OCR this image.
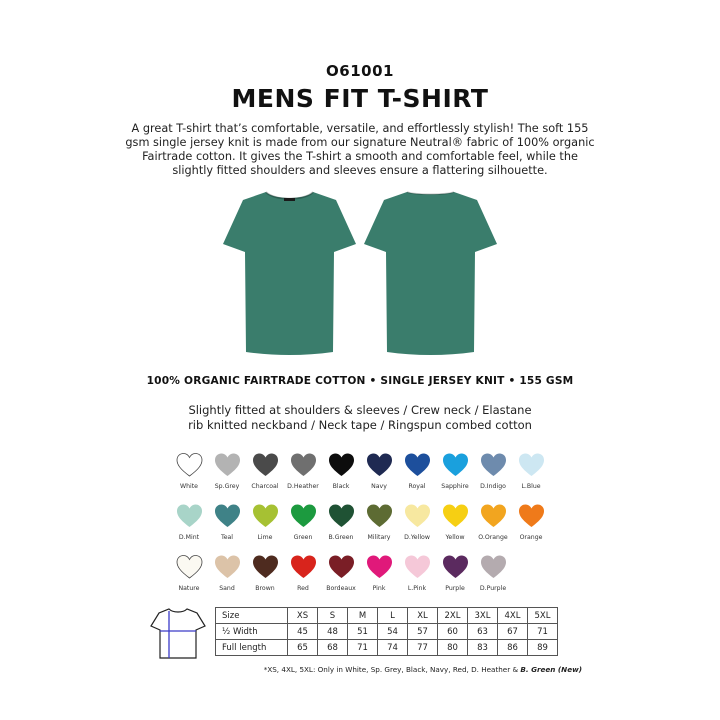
O61001
MENS FIT T-SHIRT
A great T-shirt that’s comfortable, versatile, and effortlessly stylish! The soft 155 gsm single jersey knit is made from our signature Neutral® fabric of 100% organic Fairtrade cotton. It gives the T-shirt a smooth and comfortable feel, while the slightly fitted shoulders and sleeves ensure a flattering silhouette.
100% ORGANIC FAIRTRADE COTTON • SINGLE JERSEY KNIT • 155 GSM
Slightly fitted at shoulders & sleeves / Crew neck / Elastane rib knitted neckband / Neck tape / Ringspun combed cotton
White	Sp.Grey	Charcoal	D.Heather	Black	Navy	Royal	Sapphire	D.Indigo	L.Blue
D.Mint	Teal	Lime	Green	B.Green	Military	D.Yellow	Yellow	O.Orange	Orange
Nature	Sand	Brown	Red	Bordeaux	Pink	L.Pink	Purple	D.Purple
Size	XS	S	M	L	XL	2XL	3XL	4XL	5XL
½ Width	45	48	51	54	57	60	63	67	71
Full length	65	68	71	74	77	80	83	86	89
*XS, 4XL, 5XL: Only in White, Sp. Grey, Black, Navy, Red, D. Heather & B. Green (New)
